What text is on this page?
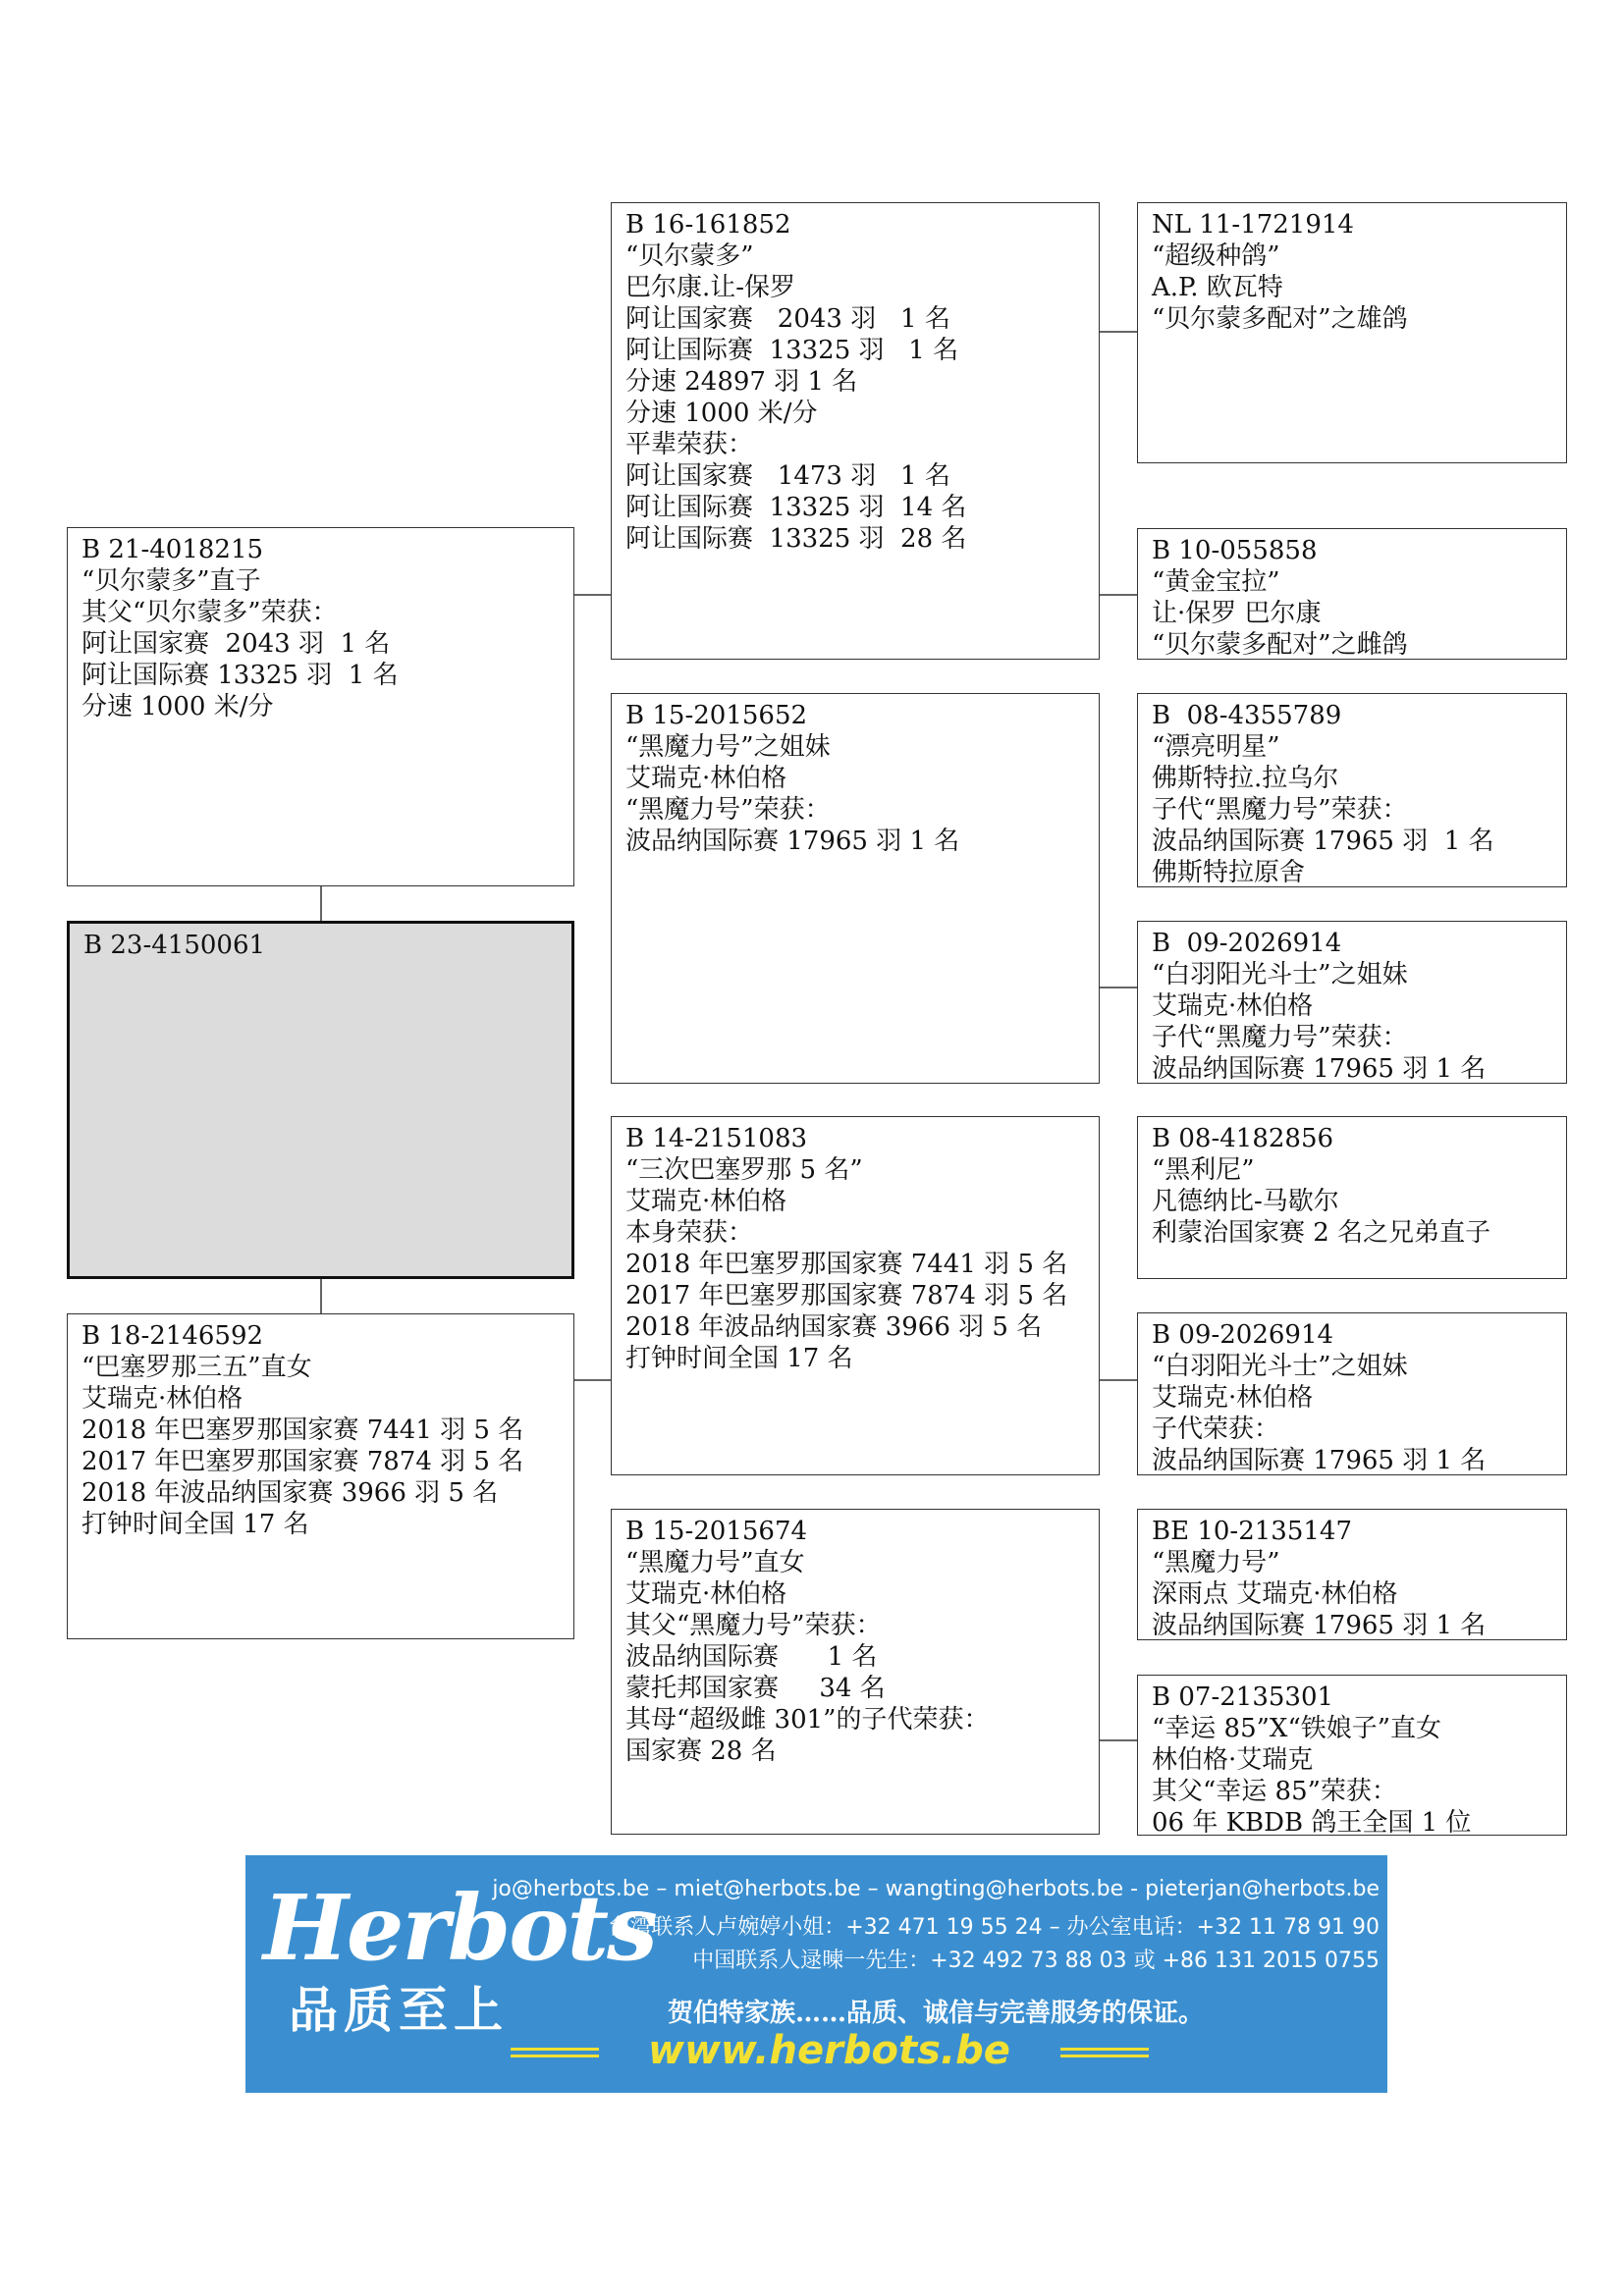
B 21-4018215
“贝尔蒙多”直子
其父“贝尔蒙多”荣获：
阿让国家赛  2043 羽  1 名
阿让国际赛 13325 羽  1 名
分速 1000 米/分
B 23-4150061
B 18-2146592
“巴塞罗那三五”直女
艾瑞克·林伯格
2018 年巴塞罗那国家赛 7441 羽 5 名
2017 年巴塞罗那国家赛 7874 羽 5 名
2018 年波品纳国家赛 3966 羽 5 名
打钟时间全国 17 名
B 16-161852
“贝尔蒙多”
巴尔康.让-保罗
阿让国家赛   2043 羽   1 名
阿让国际赛  13325 羽   1 名
分速 24897 羽 1 名
分速 1000 米/分
平辈荣获：
阿让国家赛   1473 羽   1 名
阿让国际赛  13325 羽  14 名
阿让国际赛  13325 羽  28 名
B 15-2015652
“黑魔力号”之姐妹
艾瑞克·林伯格
“黑魔力号”荣获：
波品纳国际赛 17965 羽 1 名
B 14-2151083
“三次巴塞罗那 5 名”
艾瑞克·林伯格
本身荣获：
2018 年巴塞罗那国家赛 7441 羽 5 名
2017 年巴塞罗那国家赛 7874 羽 5 名
2018 年波品纳国家赛 3966 羽 5 名
打钟时间全国 17 名
B 15-2015674
“黑魔力号”直女
艾瑞克·林伯格
其父“黑魔力号”荣获：
波品纳国际赛      1 名
蒙托邦国家赛     34 名
其母“超级雌 301”的子代荣获：
国家赛 28 名
NL 11-1721914
“超级种鸽”
A.P. 欧瓦特
“贝尔蒙多配对”之雄鸽
B 10-055858
“黄金宝拉”
让·保罗 巴尔康
“贝尔蒙多配对”之雌鸽
B  08-4355789
“漂亮明星”
佛斯特拉.拉乌尔
子代“黑魔力号”荣获：
波品纳国际赛 17965 羽  1 名
佛斯特拉原舍
B  09-2026914
“白羽阳光斗士”之姐妹
艾瑞克·林伯格
子代“黑魔力号”荣获：
波品纳国际赛 17965 羽 1 名
B 08-4182856
“黑利尼”
凡德纳比-马歇尔
利蒙治国家赛 2 名之兄弟直子
B 09-2026914
“白羽阳光斗士”之姐妹
艾瑞克·林伯格
子代荣获：
波品纳国际赛 17965 羽 1 名
BE 10-2135147
“黑魔力号”
深雨点 艾瑞克·林伯格
波品纳国际赛 17965 羽 1 名
B 07-2135301
“幸运 85”X“铁娘子”直女
林伯格·艾瑞克
其父“幸运 85”荣获：
06 年 KBDB 鸽王全国 1 位
Herbots
品质至上
jo@herbots.be – miet@herbots.be – wangting@herbots.be - pieterjan@herbots.be
台湾联系人卢婉婷小姐：+32 471 19 55 24 – 办公室电话：+32 11 78 91 90
中国联系人逯暕一先生：+32 492 73 88 03 或 +86 131 2015 0755
贺伯特家族……品质、诚信与完善服务的保证。
www.herbots.be
